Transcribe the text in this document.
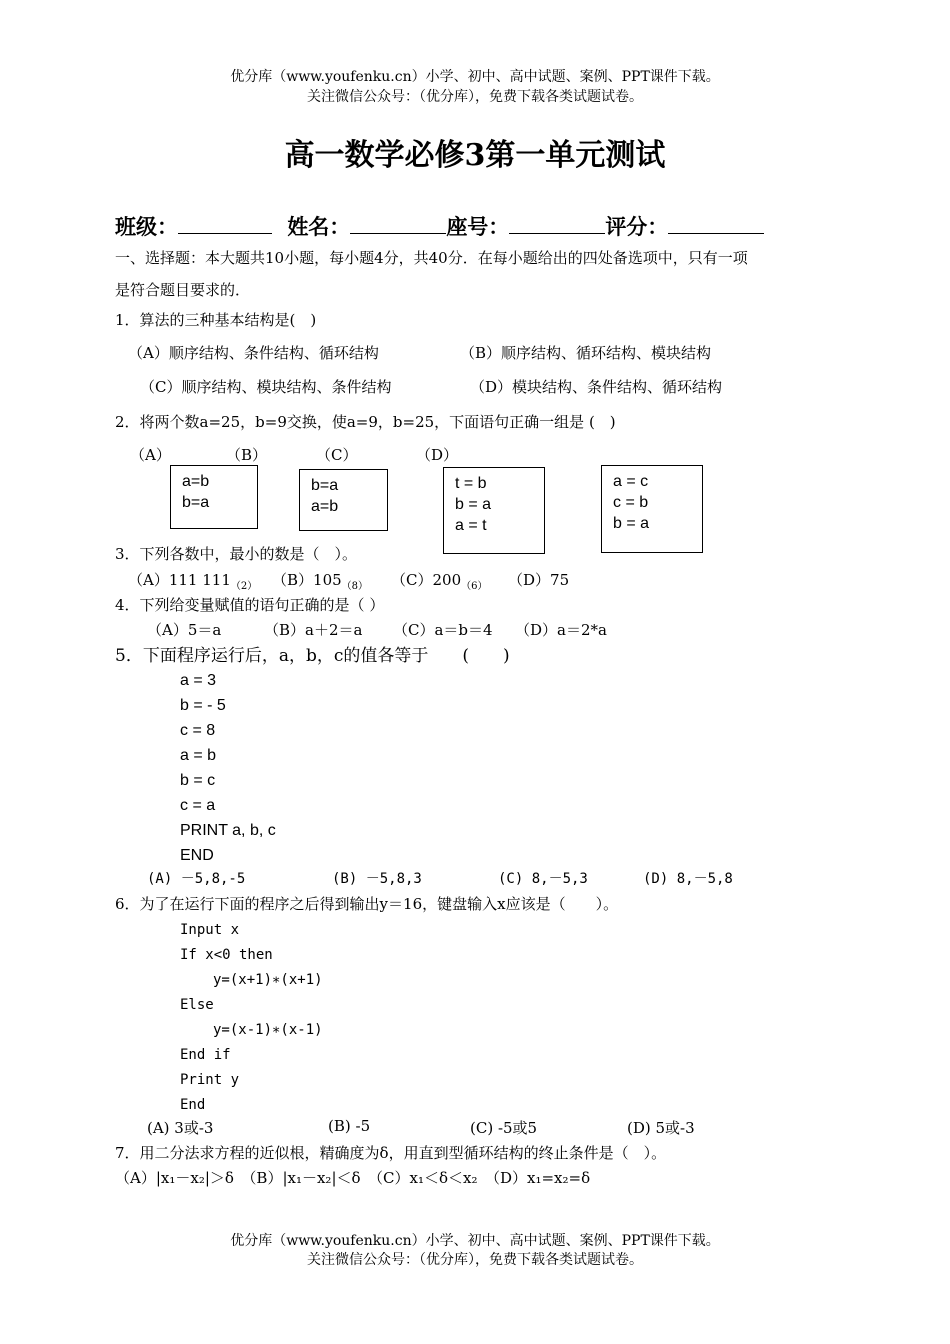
优分库（www.youfenku.cn）小学、初中、高中试题、案例、PPT课件下载。
关注微信公众号：（优分库），免费下载各类试题试卷。
高一数学必修3第一单元测试
班级：	姓名：	座号：	评分：
一、选择题：本大题共10小题，每小题4分，共40分．在每小题给出的四处备选项中，只有一项
是符合题目要求的．
1．算法的三种基本结构是(　)
（A）顺序结构、条件结构、循环结构	（B）顺序结构、循环结构、模块结构
（C）顺序结构、模块结构、条件结构	（D）模块结构、条件结构、循环结构
2．将两个数a=25，b=9交换，使a=9，b=25，下面语句正确一组是 (　)
（A）	（B）	（C）	（D）
a=b
b=a
b=a
a=b
t = b
b = a
a = t
a = c
c = b
b = a
3．下列各数中，最小的数是（　）。
（A）111 $111_{(2)}$ $(B)105_{(8)}$ $(C)200_{(6)}$ （D）75
4．下列给变量赋值的语句正确的是（ ）
（A）5＝a	（B）a＋2＝a （C）a＝b＝4 （D）a＝2*a
5．下面程序运行后，a，b，c的值各等于　　(　　)
a = 3
b = - 5
c = 8
a = b
b = c
c = a
PRINT a, b, c
END
(A) －5,8,-5	(B) －5,8,3	(C) 8,－5,3	(D) 8,－5,8
6．为了在运行下面的程序之后得到输出y＝16，键盘输入x应该是（　　）。
Input x
If x<0 then
y=(x+1)∗(x+1)
Else
y=(x-1)∗(x-1)
End if
Print y
End
(A) 3或-3	(B) -5	(C) -5或5	(D) 5或-3
7．用二分法求方程的近似根，精确度为δ，用直到型循环结构的终止条件是（　）。
（A）|x₁－x₂|＞δ　（B）|x₁－x₂|＜δ　（C）x₁＜δ＜x₂　（D）x₁=x₂=δ
优分库（www.youfenku.cn）小学、初中、高中试题、案例、PPT课件下载。
关注微信公众号：（优分库），免费下载各类试题试卷。
